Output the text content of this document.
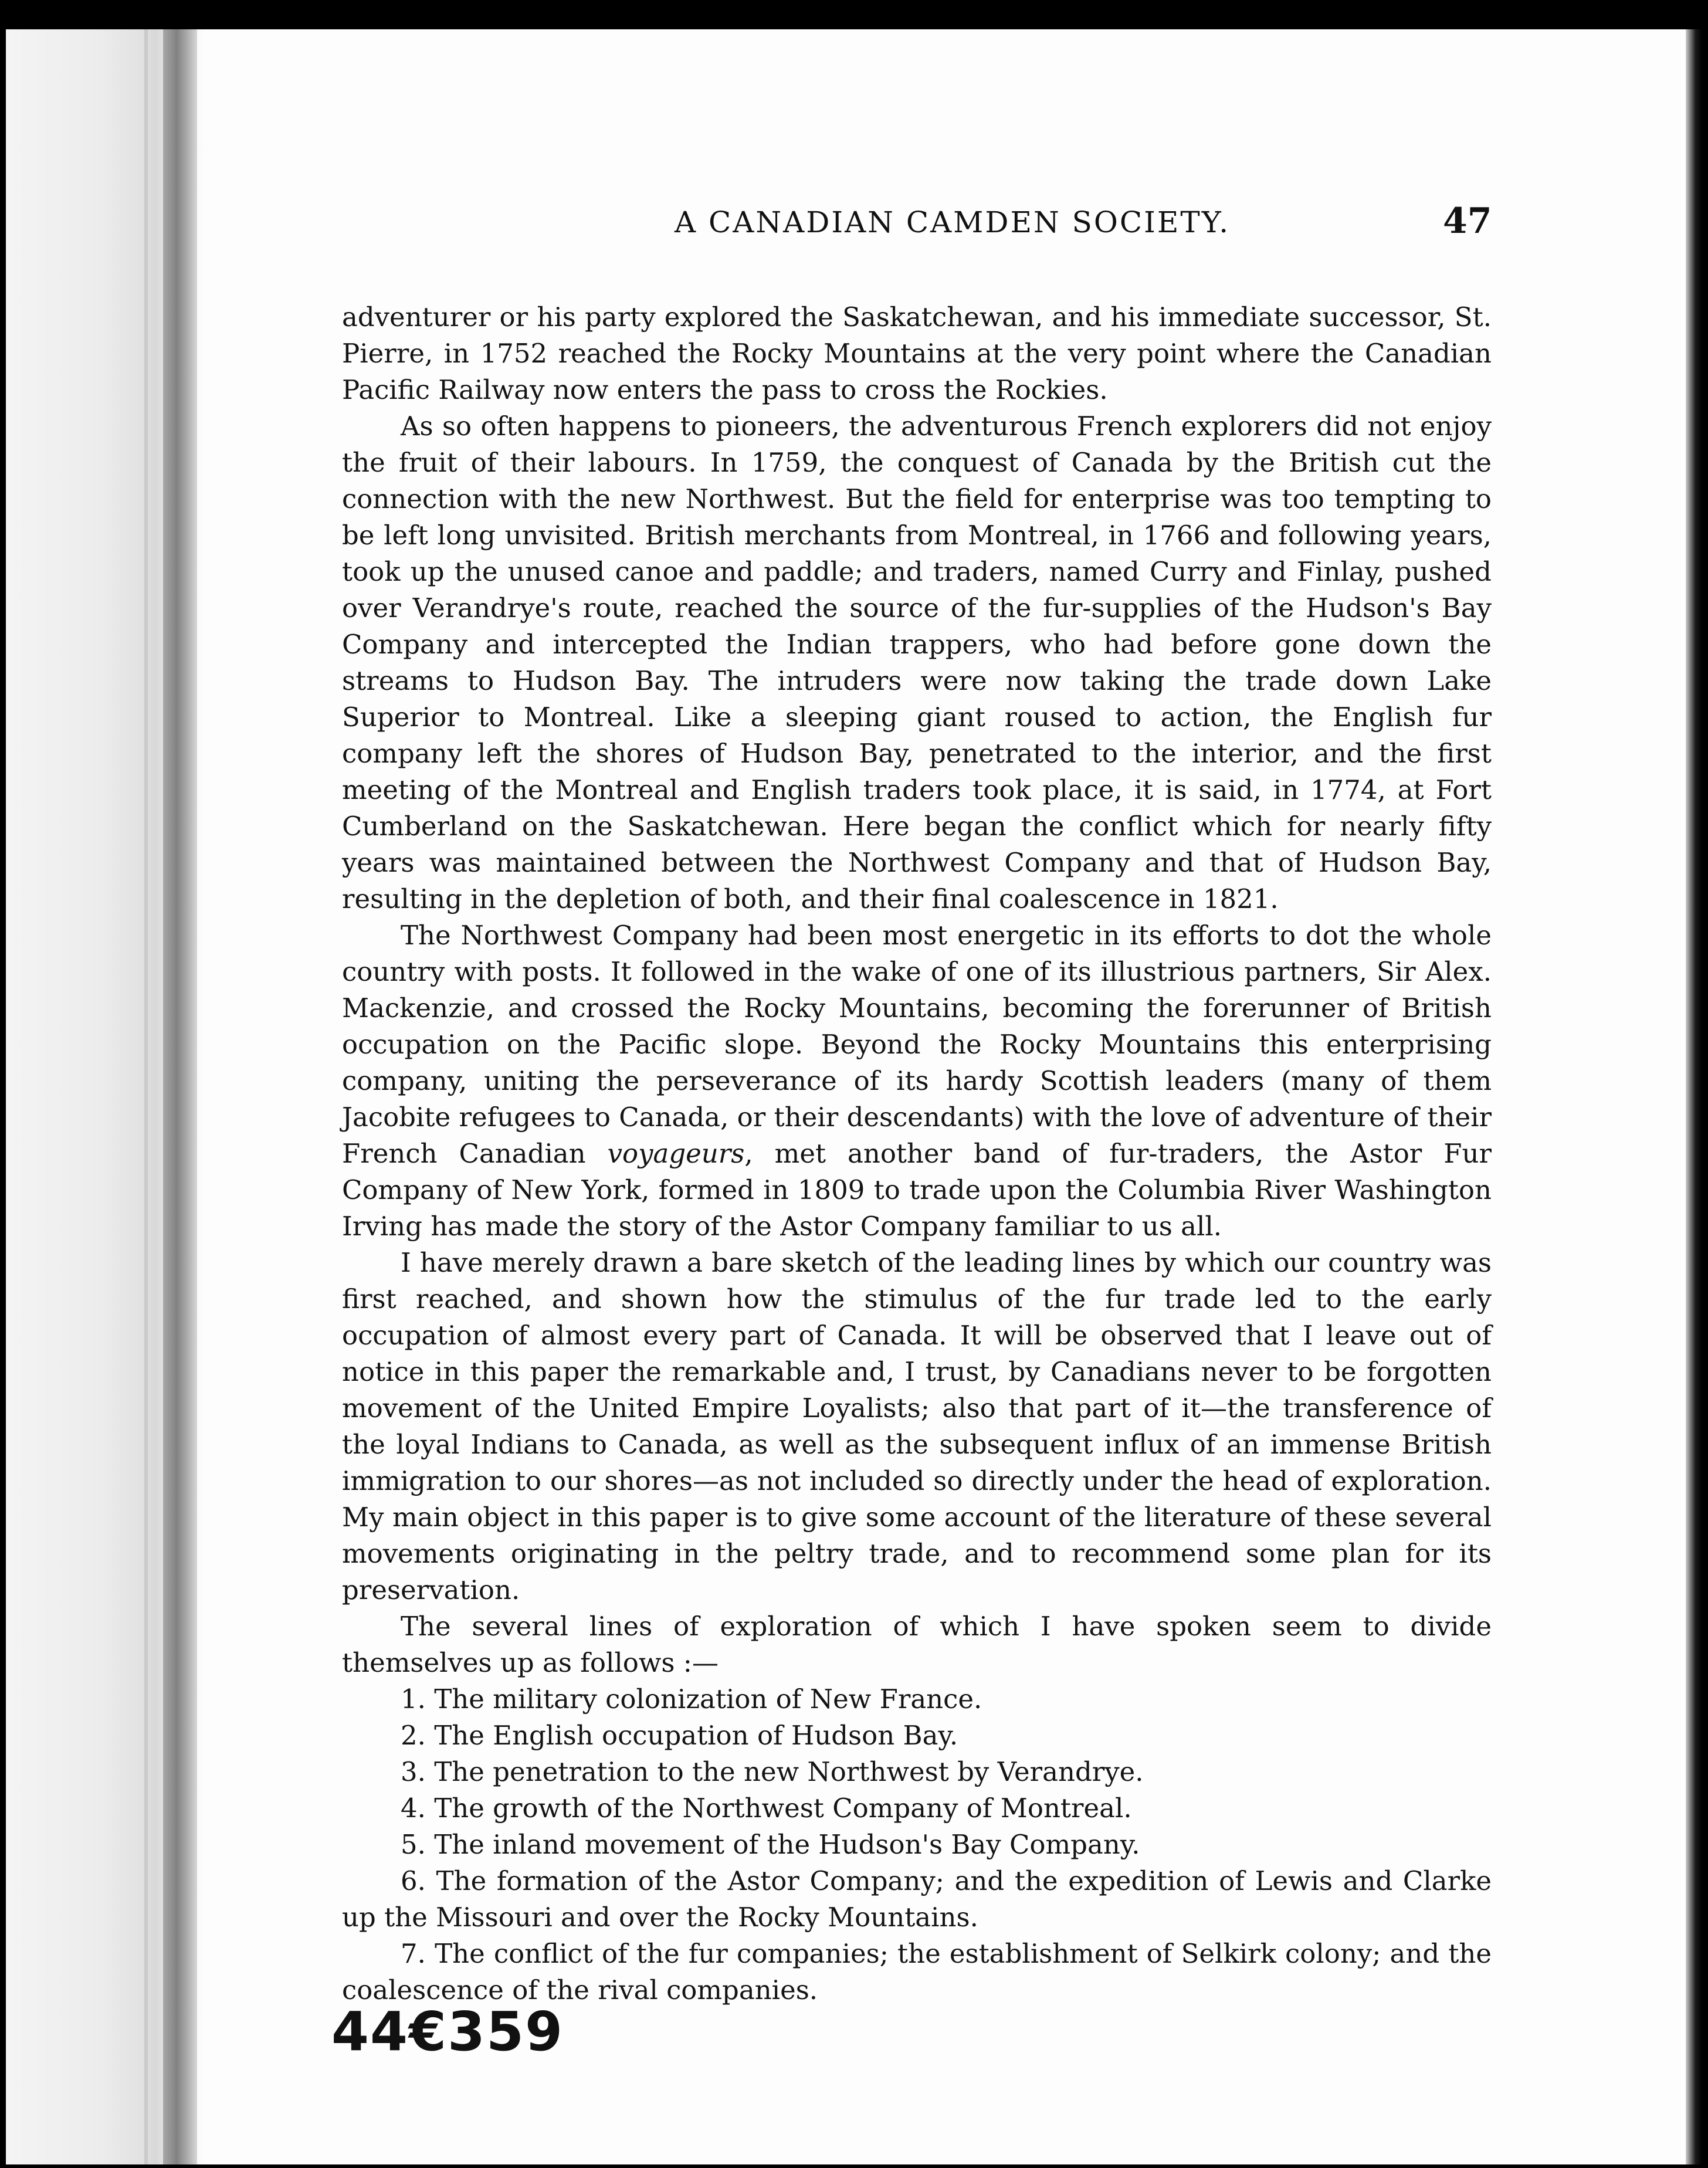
A CANADIAN CAMDEN SOCIETY.	47

adventurer or his party explored the Saskatchewan, and his immediate successor, St. Pierre, in 1752 reached the Rocky Mountains at the very point where the Canadian Pacific Railway now enters the pass to cross the Rockies.

As so often happens to pioneers, the adventurous French explorers did not enjoy the fruit of their labours. In 1759, the conquest of Canada by the British cut the connection with the new Northwest. But the field for enterprise was too tempting to be left long unvisited. British merchants from Montreal, in 1766 and following years, took up the unused canoe and paddle; and traders, named Curry and Finlay, pushed over Verandrye's route, reached the source of the fur-supplies of the Hudson's Bay Company and intercepted the Indian trappers, who had before gone down the streams to Hudson Bay. The intruders were now taking the trade down Lake Superior to Montreal. Like a sleeping giant roused to action, the English fur company left the shores of Hudson Bay, penetrated to the interior, and the first meeting of the Montreal and English traders took place, it is said, in 1774, at Fort Cumberland on the Saskatchewan. Here began the conflict which for nearly fifty years was maintained between the Northwest Company and that of Hudson Bay, resulting in the depletion of both, and their final coalescence in 1821.

The Northwest Company had been most energetic in its efforts to dot the whole country with posts. It followed in the wake of one of its illustrious partners, Sir Alex. Mackenzie, and crossed the Rocky Mountains, becoming the forerunner of British occupation on the Pacific slope. Beyond the Rocky Mountains this enterprising company, uniting the perseverance of its hardy Scottish leaders (many of them Jacobite refugees to Canada, or their descendants) with the love of adventure of their French Canadian voyageurs, met another band of fur-traders, the Astor Fur Company of New York, formed in 1809 to trade upon the Columbia River Washington Irving has made the story of the Astor Company familiar to us all.

I have merely drawn a bare sketch of the leading lines by which our country was first reached, and shown how the stimulus of the fur trade led to the early occupation of almost every part of Canada. It will be observed that I leave out of notice in this paper the remarkable and, I trust, by Canadians never to be forgotten movement of the United Empire Loyalists; also that part of it—the transference of the loyal Indians to Canada, as well as the subsequent influx of an immense British immigration to our shores—as not included so directly under the head of exploration. My main object in this paper is to give some account of the literature of these several movements originating in the peltry trade, and to recommend some plan for its preservation.

The several lines of exploration of which I have spoken seem to divide themselves up as follows :—

1. The military colonization of New France.

2. The English occupation of Hudson Bay.

3. The penetration to the new Northwest by Verandrye.

4. The growth of the Northwest Company of Montreal.

5. The inland movement of the Hudson's Bay Company.

6. The formation of the Astor Company; and the expedition of Lewis and Clarke up the Missouri and over the Rocky Mountains.

7. The conflict of the fur companies; the establishment of Selkirk colony; and the coalescence of the rival companies.

44€359
